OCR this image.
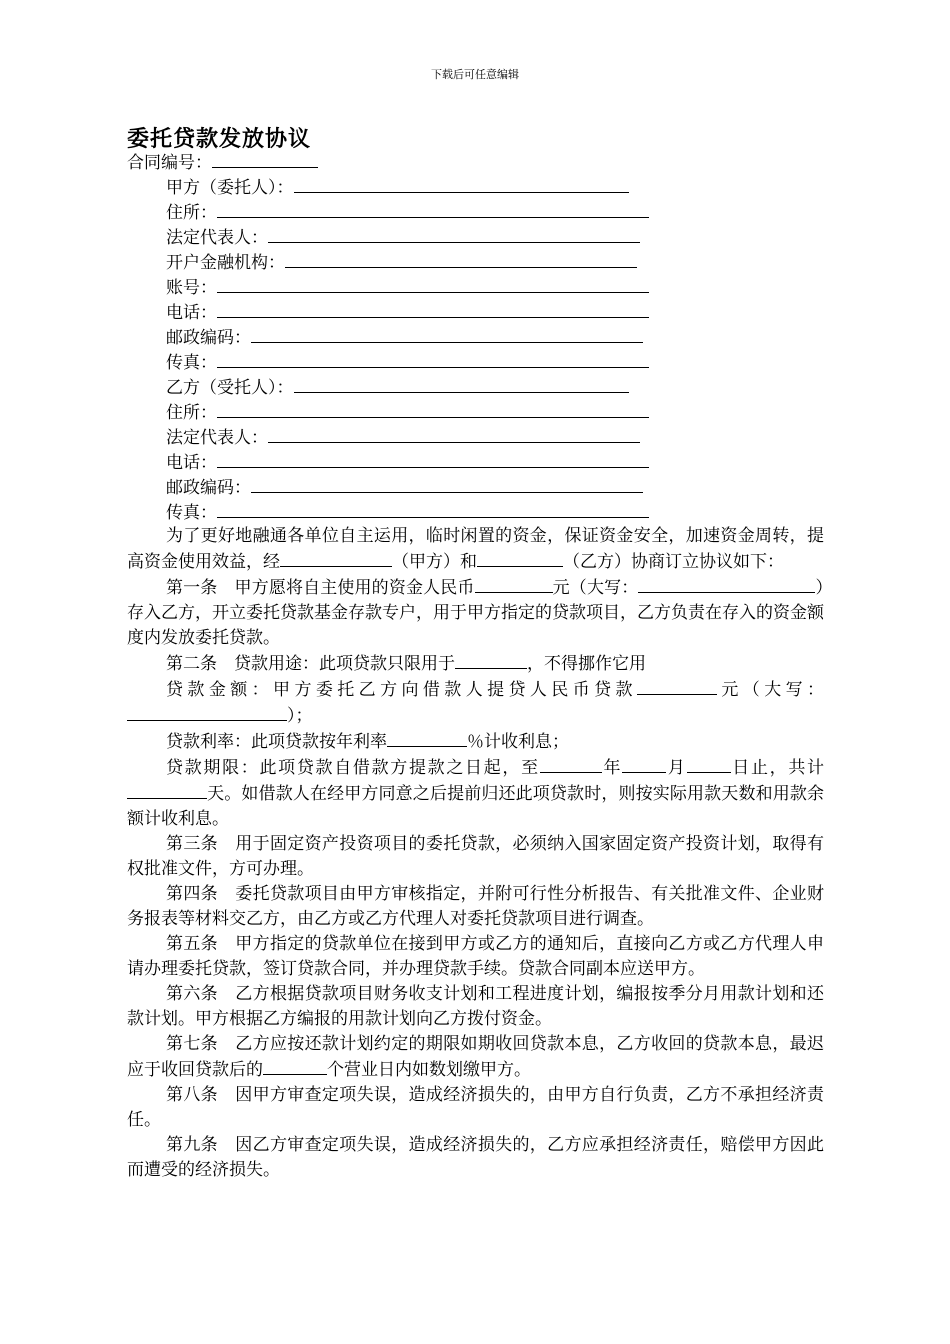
下载后可任意编辑
委托贷款发放协议
合同编号：
甲方（委托人）：
住所：
法定代表人：
开户金融机构：
账号：
电话：
邮政编码：
传真：
乙方（受托人）：
住所：
法定代表人：
电话：
邮政编码：
传真：

为了更好地融通各单位自主运用，临时闲置的资金，保证资金安全，加速资金周转，提高资金使用效益，经	（甲方）和	（乙方）协商订立协议如下：

第一条　甲方愿将自主使用的资金人民币	元（大写：	）存入乙方，开立委托贷款基金存款专户，用于甲方指定的贷款项目，乙方负责在存入的资金额度内发放委托贷款。

第二条　贷款用途：此项贷款只限用于	，不得挪作它用

贷款金额：甲方委托乙方向借款人提贷人民币贷款	元（大写：）；

贷款利率：此项贷款按年利率	％计收利息；

贷款期限：此项贷款自借款方提款之日起，至	年	月	日止，共计天。如借款人在经甲方同意之后提前归还此项贷款时，则按实际用款天数和用款余额计收利息。

第三条　用于固定资产投资项目的委托贷款，必须纳入国家固定资产投资计划，取得有权批准文件，方可办理。

第四条　委托贷款项目由甲方审核指定，并附可行性分析报告、有关批准文件、企业财务报表等材料交乙方，由乙方或乙方代理人对委托贷款项目进行调查。

第五条　甲方指定的贷款单位在接到甲方或乙方的通知后，直接向乙方或乙方代理人申请办理委托贷款，签订贷款合同，并办理贷款手续。贷款合同副本应送甲方。

第六条　乙方根据贷款项目财务收支计划和工程进度计划，编报按季分月用款计划和还款计划。甲方根据乙方编报的用款计划向乙方拨付资金。

第七条　乙方应按还款计划约定的期限如期收回贷款本息，乙方收回的贷款本息，最迟应于收回贷款后的	个营业日内如数划缴甲方。

第八条　因甲方审查定项失误，造成经济损失的，由甲方自行负责，乙方不承担经济责任。

第九条　因乙方审查定项失误，造成经济损失的，乙方应承担经济责任，赔偿甲方因此而遭受的经济损失。
